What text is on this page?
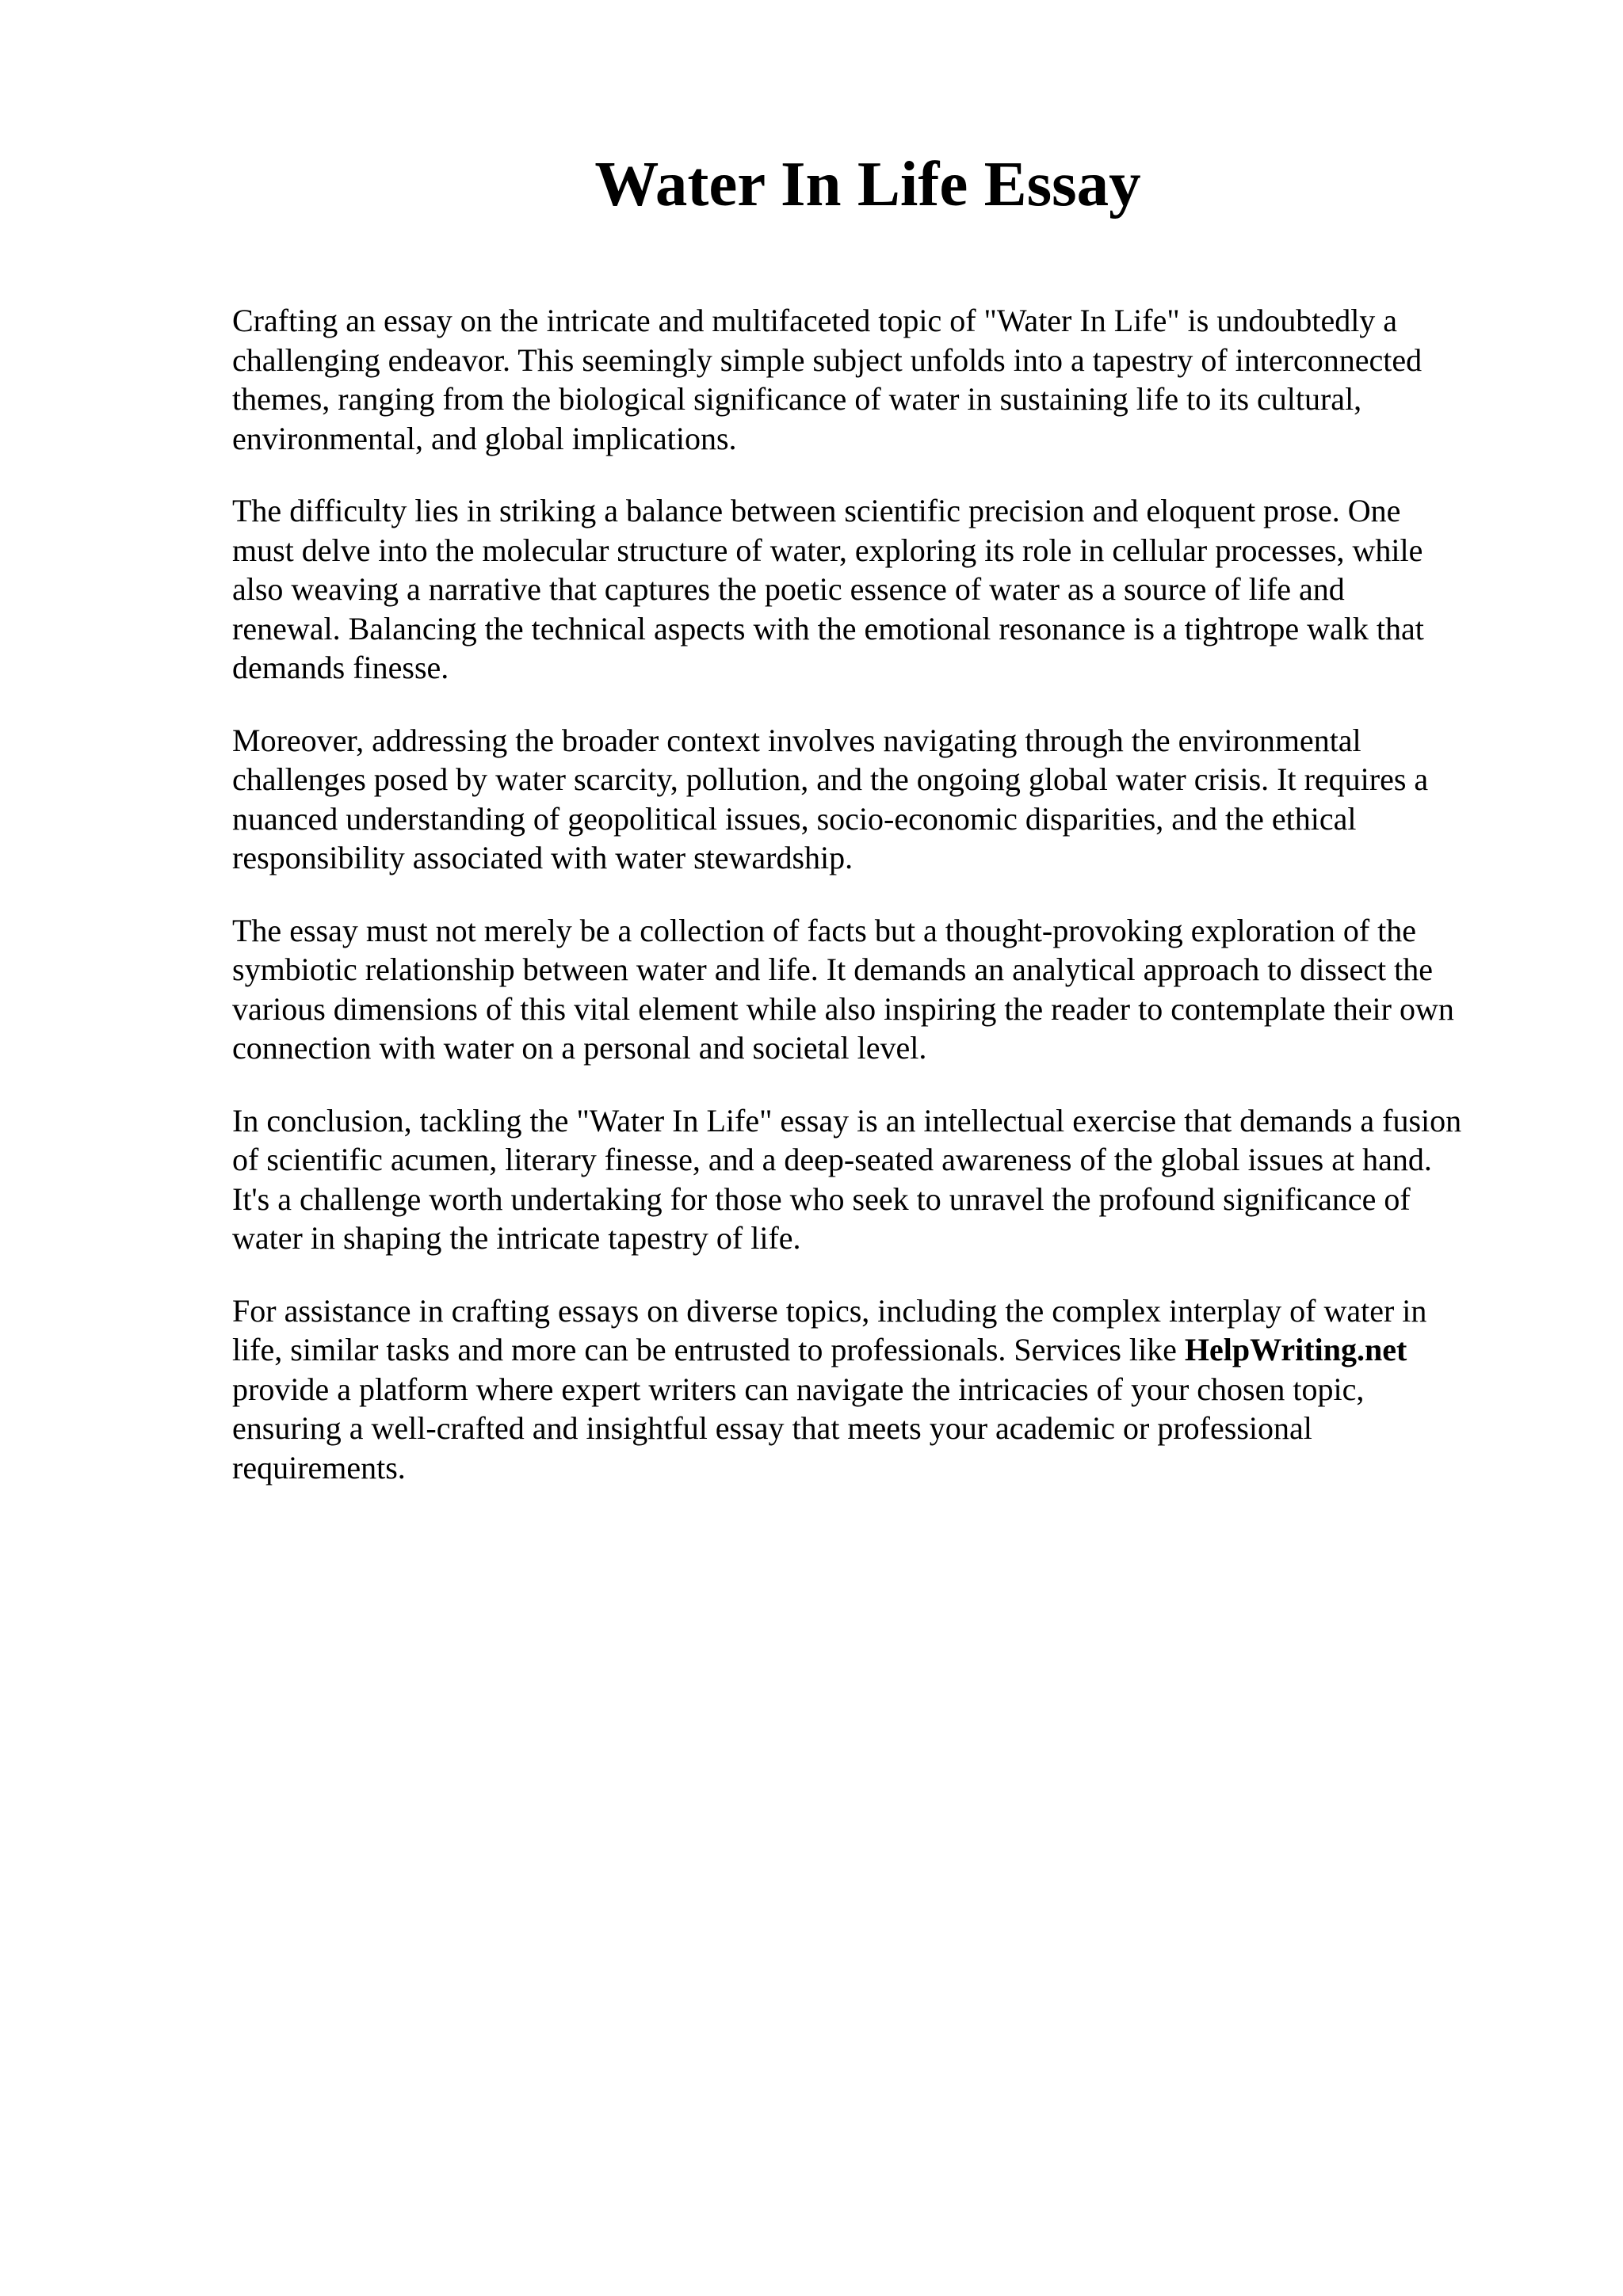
Water In Life Essay

Crafting an essay on the intricate and multifaceted topic of "Water In Life" is undoubtedly a
challenging endeavor. This seemingly simple subject unfolds into a tapestry of interconnected
themes, ranging from the biological significance of water in sustaining life to its cultural,
environmental, and global implications.

The difficulty lies in striking a balance between scientific precision and eloquent prose. One
must delve into the molecular structure of water, exploring its role in cellular processes, while
also weaving a narrative that captures the poetic essence of water as a source of life and
renewal. Balancing the technical aspects with the emotional resonance is a tightrope walk that
demands finesse.

Moreover, addressing the broader context involves navigating through the environmental
challenges posed by water scarcity, pollution, and the ongoing global water crisis. It requires a
nuanced understanding of geopolitical issues, socio-economic disparities, and the ethical
responsibility associated with water stewardship.

The essay must not merely be a collection of facts but a thought-provoking exploration of the
symbiotic relationship between water and life. It demands an analytical approach to dissect the
various dimensions of this vital element while also inspiring the reader to contemplate their own
connection with water on a personal and societal level.

In conclusion, tackling the "Water In Life" essay is an intellectual exercise that demands a fusion
of scientific acumen, literary finesse, and a deep-seated awareness of the global issues at hand.
It's a challenge worth undertaking for those who seek to unravel the profound significance of
water in shaping the intricate tapestry of life.

For assistance in crafting essays on diverse topics, including the complex interplay of water in
life, similar tasks and more can be entrusted to professionals. Services like HelpWriting.net
provide a platform where expert writers can navigate the intricacies of your chosen topic,
ensuring a well-crafted and insightful essay that meets your academic or professional
requirements.
